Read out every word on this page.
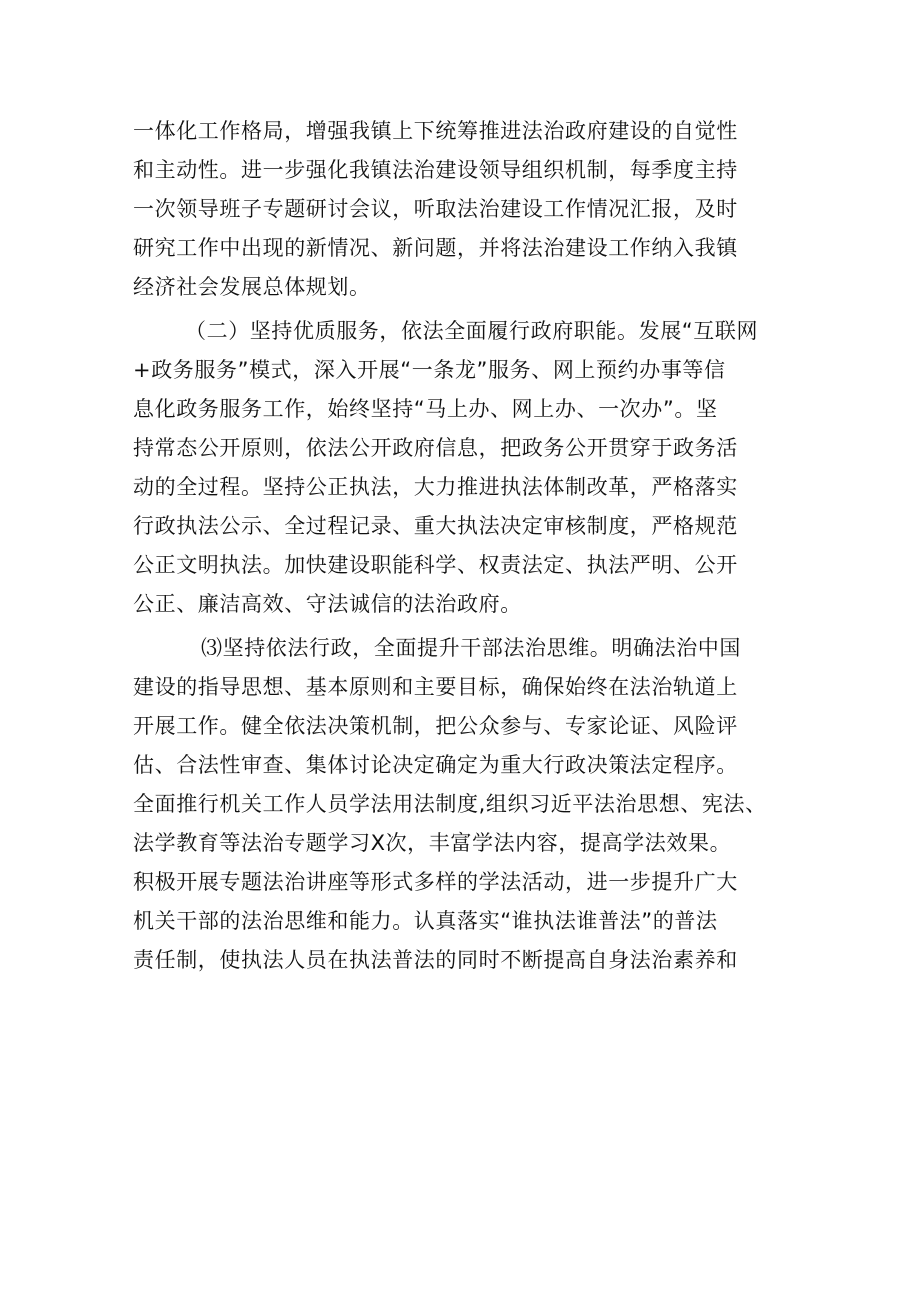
一体化工作格局，增强我镇上下统筹推进法治政府建设的自觉性
和主动性。进一步强化我镇法治建设领导组织机制，每季度主持
一次领导班子专题研讨会议，听取法治建设工作情况汇报，及时
研究工作中出现的新情况、新问题，并将法治建设工作纳入我镇
经济社会发展总体规划。
（二）坚持优质服务，依法全面履行政府职能。发展“互联网
+政务服务”模式，深入开展“一条龙”服务、网上预约办事等信
息化政务服务工作，始终坚持“马上办、网上办、一次办”。坚
持常态公开原则，依法公开政府信息，把政务公开贯穿于政务活
动的全过程。坚持公正执法，大力推进执法体制改革，严格落实
行政执法公示、全过程记录、重大执法决定审核制度，严格规范
公正文明执法。加快建设职能科学、权责法定、执法严明、公开
公正、廉洁高效、守法诚信的法治政府。
⑶坚持依法行政，全面提升干部法治思维。明确法治中国
建设的指导思想、基本原则和主要目标，确保始终在法治轨道上
开展工作。健全依法决策机制，把公众参与、专家论证、风险评
估、合法性审查、集体讨论决定确定为重大行政决策法定程序。
全面推行机关工作人员学法用法制度,组织习近平法治思想、宪法、
法学教育等法治专题学习X次，丰富学法内容，提高学法效果。
积极开展专题法治讲座等形式多样的学法活动，进一步提升广大
机关干部的法治思维和能力。认真落实“谁执法谁普法”的普法
责任制，使执法人员在执法普法的同时不断提高自身法治素养和
